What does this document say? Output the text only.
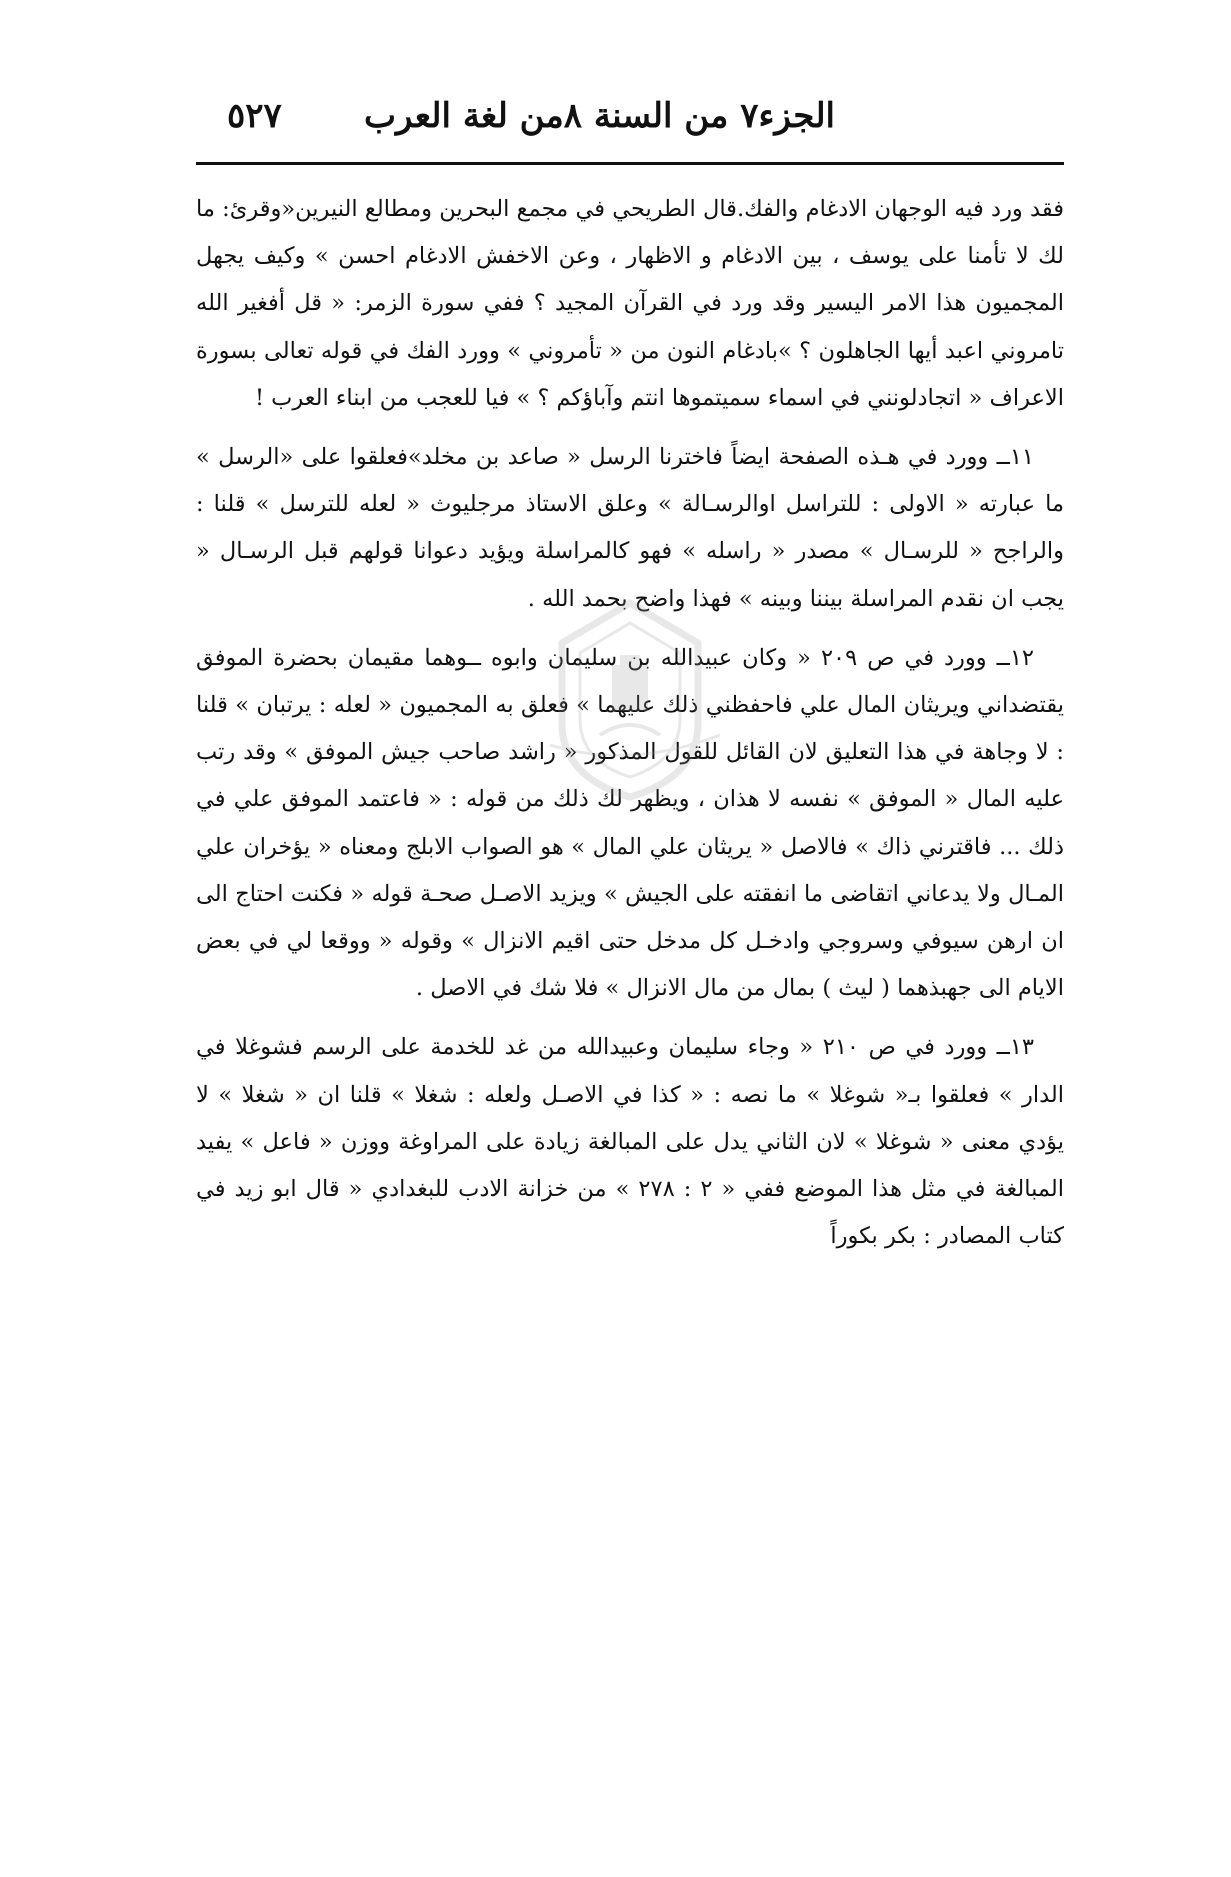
الجزء٧ من السنة ٨من لغة العرب
٥٢٧

فقد ورد فيه الوجهان الادغام والفك.قال الطريحي في مجمع البحرين ومطالع النيرين«وقرئ: ما لك لا تأمنا على يوسف ، بين الادغام و الاظهار ، وعن الاخفش الادغام احسن » وكيف يجهل المجميون هذا الامر اليسير وقد ورد في القرآن المجيد ؟ ففي سورة الزمر: « قل أفغير الله تامروني اعبد أيها الجاهلون ؟ »بادغام النون من « تأمروني » وورد الفك في قوله تعالى بسورة الاعراف « اتجادلونني في اسماء سميتموها انتم وآباؤكم ؟ » فيا للعجب من ابناء العرب !

١١ــ وورد في هـذه الصفحة ايضاً فاخترنا الرسل « صاعد بن مخلد»فعلقوا على «الرسل » ما عبارته « الاولى : للتراسل اوالرسـالة » وعلق الاستاذ مرجليوث « لعله للترسل » قلنا : والراجح « للرسـال » مصدر « راسله » فهو كالمراسلة ويؤيد دعوانا قولهم قبل الرسـال « يجب ان نقدم المراسلة بيننا وبينه » فهذا واضح بحمد الله .

١٢ــ وورد في ص ٢٠٩ « وكان عبيدالله بن سليمان وابوه ــوهما مقيمان بحضرة الموفق يقتضداني ويريثان المال علي فاحفظني ذلك عليهما » فعلق به المجميون « لعله : يرتبان » قلنا : لا وجاهة في هذا التعليق لان القائل للقول المذكور « راشد صاحب جيش الموفق » وقد رتب عليه المال « الموفق » نفسه لا هذان ، ويظهر لك ذلك من قوله : « فاعتمد الموفق علي في ذلك ... فاقترني ذاك » فالاصل « يريثان علي المال » هو الصواب الابلج ومعناه « يؤخران علي المـال ولا يدعاني اتقاضى ما انفقته على الجيش » ويزيد الاصـل صحـة قوله « فكنت احتاج الى ان ارهن سيوفي وسروجي وادخـل كل مدخل حتى اقيم الانزال » وقوله « ووقعا لي في بعض الايام الى جهبذهما ( ليث ) بمال من مال الانزال » فلا شك في الاصل .

١٣ــ وورد في ص ٢١٠ « وجاء سليمان وعبيدالله من غد للخدمة على الرسم فشوغلا في الدار » فعلقوا بـ« شوغلا » ما نصه : « كذا في الاصـل ولعله : شغلا » قلنا ان « شغلا » لا يؤدي معنى « شوغلا » لان الثاني يدل على المبالغة زيادة على المراوغة ووزن « فاعل » يفيد المبالغة في مثل هذا الموضع ففي « ٢ : ٢٧٨ » من خزانة الادب للبغدادي « قال ابو زيد في كتاب المصادر : بكر بكوراً
